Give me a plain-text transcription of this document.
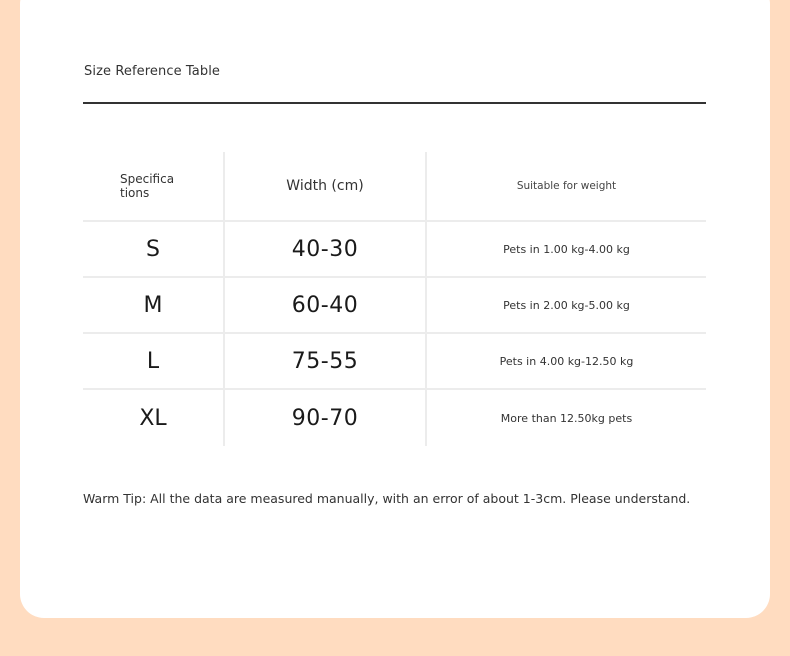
Size Reference Table
Specifications	Width (cm)	Suitable for weight
S	40-30	Pets in 1.00 kg-4.00 kg
M	60-40	Pets in 2.00 kg-5.00 kg
L	75-55	Pets in 4.00 kg-12.50 kg
XL	90-70	More than 12.50kg pets
Warm Tip: All the data are measured manually, with an error of about 1-3cm. Please understand.
